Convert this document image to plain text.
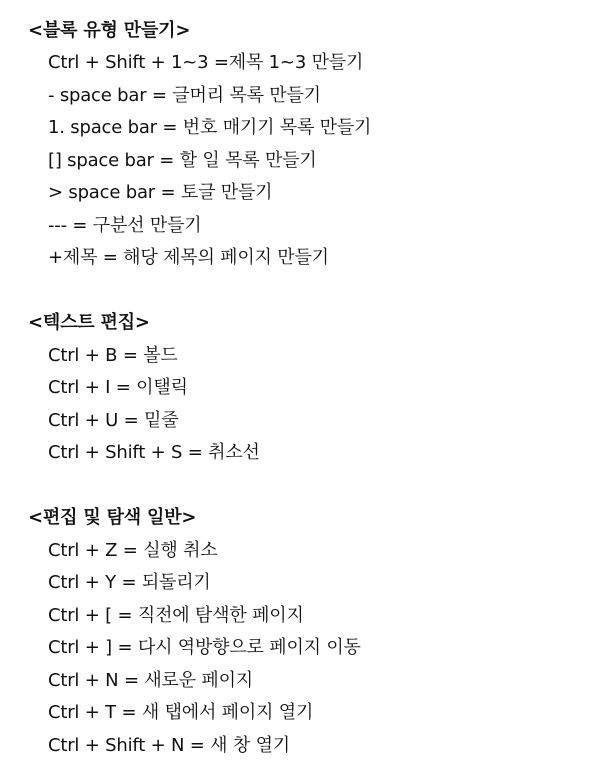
<블록 유형 만들기>
Ctrl + Shift + 1~3 =제목 1~3 만들기
- space bar = 글머리 목록 만들기
1. space bar = 번호 매기기 목록 만들기
[] space bar = 할 일 목록 만들기
> space bar = 토글 만들기
--- = 구분선 만들기
+제목 = 해당 제목의 페이지 만들기
<텍스트 편집>
Ctrl + B = 볼드
Ctrl + I = 이탤릭
Ctrl + U = 밑줄
Ctrl + Shift + S = 취소선
<편집 및 탐색 일반>
Ctrl + Z = 실행 취소
Ctrl + Y = 되돌리기
Ctrl + [ = 직전에 탐색한 페이지
Ctrl + ] = 다시 역방향으로 페이지 이동
Ctrl + N = 새로운 페이지
Ctrl + T = 새 탭에서 페이지 열기
Ctrl + Shift + N = 새 창 열기
